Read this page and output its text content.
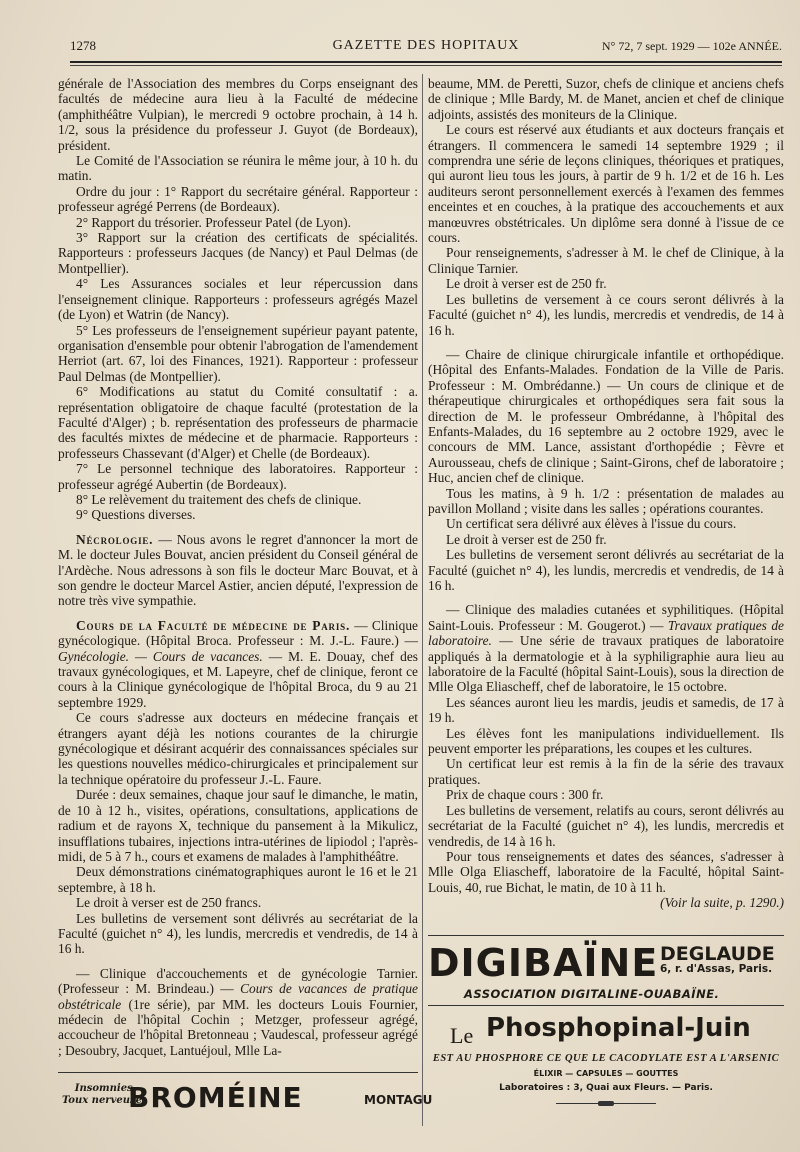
1278	GAZETTE DES HOPITAUX	N° 72, 7 sept. 1929 — 102e ANNÉE.

générale de l'Association des membres du Corps enseignant des facultés de médecine aura lieu à la Faculté de médecine (amphithéâtre Vulpian), le mercredi 9 octobre prochain, à 14 h. 1/2, sous la présidence du professeur J. Guyot (de Bordeaux), président.

Le Comité de l'Association se réunira le même jour, à 10 h. du matin.

Ordre du jour : 1° Rapport du secrétaire général. Rapporteur : professeur agrégé Perrens (de Bordeaux).

2° Rapport du trésorier. Professeur Patel (de Lyon).

3° Rapport sur la création des certificats de spécialités. Rapporteurs : professeurs Jacques (de Nancy) et Paul Delmas (de Montpellier).

4° Les Assurances sociales et leur répercussion dans l'enseignement clinique. Rapporteurs : professeurs agrégés Mazel (de Lyon) et Watrin (de Nancy).

5° Les professeurs de l'enseignement supérieur payant patente, organisation d'ensemble pour obtenir l'abrogation de l'amendement Herriot (art. 67, loi des Finances, 1921). Rapporteur : professeur Paul Delmas (de Montpellier).

6° Modifications au statut du Comité consultatif : a. représentation obligatoire de chaque faculté (protestation de la Faculté d'Alger) ; b. représentation des professeurs de pharmacie des facultés mixtes de médecine et de pharmacie. Rapporteurs : professeurs Chassevant (d'Alger) et Chelle (de Bordeaux).

7° Le personnel technique des laboratoires. Rapporteur : professeur agrégé Aubertin (de Bordeaux).

8° Le relèvement du traitement des chefs de clinique.

9° Questions diverses.

Nécrologie. — Nous avons le regret d'annoncer la mort de M. le docteur Jules Bouvat, ancien président du Conseil général de l'Ardèche. Nous adressons à son fils le docteur Marc Bouvat, et à son gendre le docteur Marcel Astier, ancien député, l'expression de notre très vive sympathie.

Cours de la Faculté de médecine de Paris. — Clinique gynécologique. (Hôpital Broca. Professeur : M. J.-L. Faure.) — Gynécologie. — Cours de vacances. — M. E. Douay, chef des travaux gynécologiques, et M. Lapeyre, chef de clinique, feront ce cours à la Clinique gynécologique de l'hôpital Broca, du 9 au 21 septembre 1929.

Ce cours s'adresse aux docteurs en médecine français et étrangers ayant déjà les notions courantes de la chirurgie gynécologique et désirant acquérir des connaissances spéciales sur les questions nouvelles médico-chirurgicales et principalement sur la technique opératoire du professeur J.-L. Faure.

Durée : deux semaines, chaque jour sauf le dimanche, le matin, de 10 à 12 h., visites, opérations, consultations, applications de radium et de rayons X, technique du pansement à la Mikulicz, insufflations tubaires, injections intra-utérines de lipiodol ; l'après-midi, de 5 à 7 h., cours et examens de malades à l'amphithéâtre.

Deux démonstrations cinématographiques auront le 16 et le 21 septembre, à 18 h.

Le droit à verser est de 250 francs.

Les bulletins de versement sont délivrés au secrétariat de la Faculté (guichet n° 4), les lundis, mercredis et vendredis, de 14 à 16 h.

— Clinique d'accouchements et de gynécologie Tarnier. (Professeur : M. Brindeau.) — Cours de vacances de pratique obstétricale (1re série), par MM. les docteurs Louis Fournier, médecin de l'hôpital Cochin ; Metzger, professeur agrégé, accoucheur de l'hôpital Bretonneau ; Vaudescal, professeur agrégé ; Desoubry, Jacquet, Lantuéjoul, Mlle La-

beaume, MM. de Peretti, Suzor, chefs de clinique et anciens chefs de clinique ; Mlle Bardy, M. de Manet, ancien et chef de clinique adjoints, assistés des moniteurs de la Clinique.

Le cours est réservé aux étudiants et aux docteurs français et étrangers. Il commencera le samedi 14 septembre 1929 ; il comprendra une série de leçons cliniques, théoriques et pratiques, qui auront lieu tous les jours, à partir de 9 h. 1/2 et de 16 h. Les auditeurs seront personnellement exercés à l'examen des femmes enceintes et en couches, à la pratique des accouchements et aux manœuvres obstétricales. Un diplôme sera donné à l'issue de ce cours.

Pour renseignements, s'adresser à M. le chef de Clinique, à la Clinique Tarnier.

Le droit à verser est de 250 fr.

Les bulletins de versement à ce cours seront délivrés à la Faculté (guichet n° 4), les lundis, mercredis et vendredis, de 14 à 16 h.

— Chaire de clinique chirurgicale infantile et orthopédique. (Hôpital des Enfants-Malades. Fondation de la Ville de Paris. Professeur : M. Ombrédanne.) — Un cours de clinique et de thérapeutique chirurgicales et orthopédiques sera fait sous la direction de M. le professeur Ombrédanne, à l'hôpital des Enfants-Malades, du 16 septembre au 2 octobre 1929, avec le concours de MM. Lance, assistant d'orthopédie ; Fèvre et Aurousseau, chefs de clinique ; Saint-Girons, chef de laboratoire ; Huc, ancien chef de clinique.

Tous les matins, à 9 h. 1/2 : présentation de malades au pavillon Molland ; visite dans les salles ; opérations courantes.

Un certificat sera délivré aux élèves à l'issue du cours.

Le droit à verser est de 250 fr.

Les bulletins de versement seront délivrés au secrétariat de la Faculté (guichet n° 4), les lundis, mercredis et vendredis, de 14 à 16 h.

— Clinique des maladies cutanées et syphilitiques. (Hôpital Saint-Louis. Professeur : M. Gougerot.) — Travaux pratiques de laboratoire. — Une série de travaux pratiques de laboratoire appliqués à la dermatologie et à la syphiligraphie aura lieu au laboratoire de la Faculté (hôpital Saint-Louis), sous la direction de Mlle Olga Eliascheff, chef de laboratoire, le 15 octobre.

Les séances auront lieu les mardis, jeudis et samedis, de 17 à 19 h.

Les élèves font les manipulations individuellement. Ils peuvent emporter les préparations, les coupes et les cultures.

Un certificat leur est remis à la fin de la série des travaux pratiques.

Prix de chaque cours : 300 fr.

Les bulletins de versement, relatifs au cours, seront délivrés au secrétariat de la Faculté (guichet n° 4), les lundis, mercredis et vendredis, de 14 à 16 h.

Pour tous renseignements et dates des séances, s'adresser à Mlle Olga Eliascheff, laboratoire de la Faculté, hôpital Saint-Louis, 40, rue Bichat, le matin, de 10 à 11 h.

(Voir la suite, p. 1290.)

DIGIBAÏNE DEGLAUDE
6, r. d'Assas, Paris.
ASSOCIATION DIGITALINE-OUABAÏNE.
Le Phosphopinal-Juin
EST AU PHOSPHORE CE QUE LE CACODYLATE EST A L'ARSENIC
ÉLIXIR — CAPSULES — GOUTTES
Laboratoires : 3, Quai aux Fleurs. — Paris.
Insomnies
Toux nerveuse.
BROMÉINE	MONTAGU
